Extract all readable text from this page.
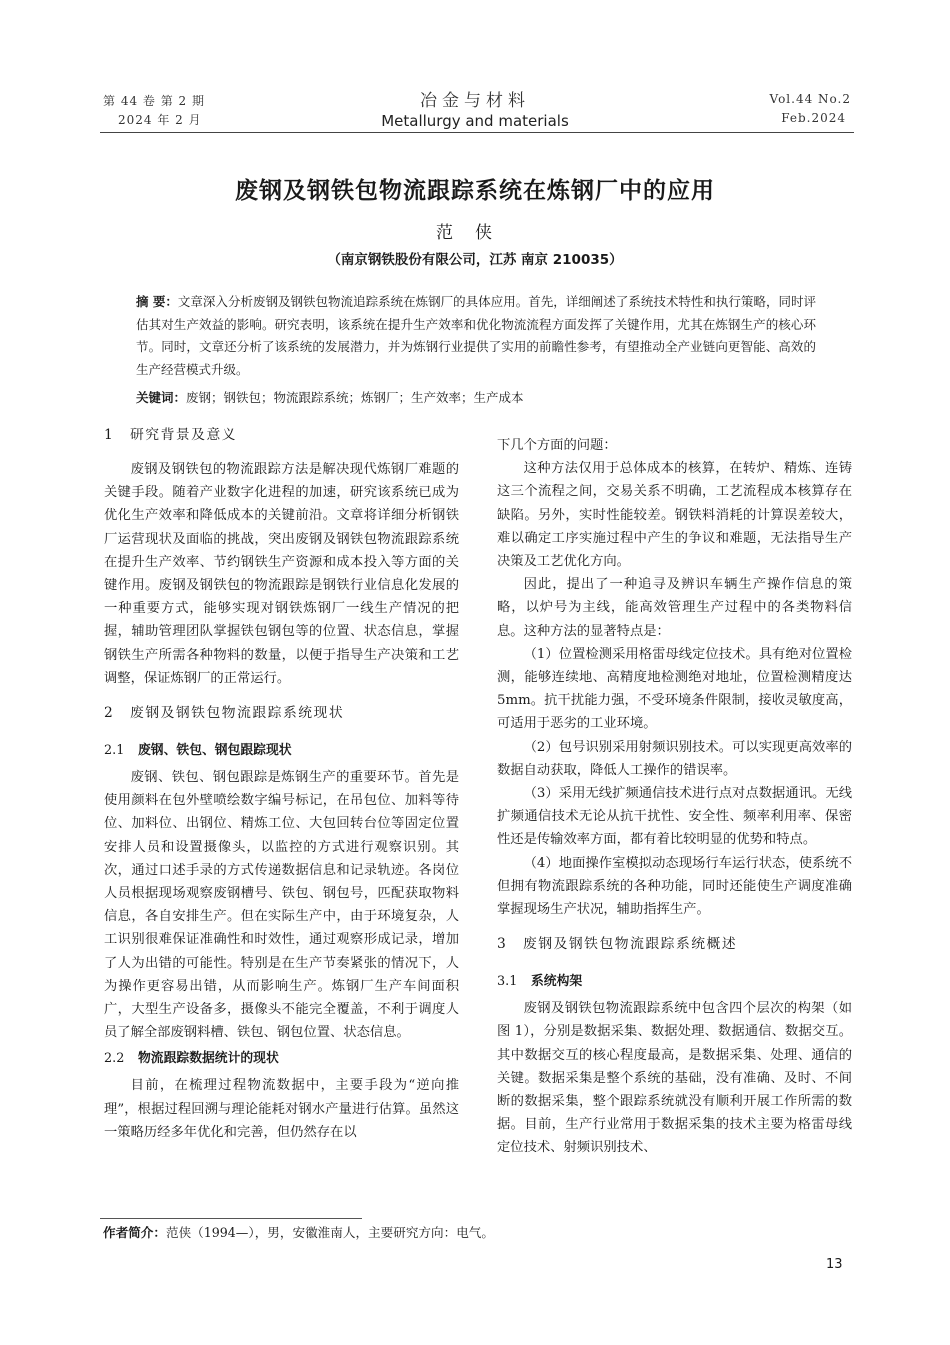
第 44 卷 第 2 期
2024 年 2 月
冶金与材料
Metallurgy and materials
Vol.44 No.2
Feb.2024
废钢及钢铁包物流跟踪系统在炼钢厂中的应用
范侠
（南京钢铁股份有限公司，江苏 南京 210035）
摘 要：文章深入分析废钢及钢铁包物流追踪系统在炼钢厂的具体应用。首先，详细阐述了系统技术特性和执行策略，同时评估其对生产效益的影响。研究表明，该系统在提升生产效率和优化物流流程方面发挥了关键作用，尤其在炼钢生产的核心环节。同时，文章还分析了该系统的发展潜力，并为炼钢行业提供了实用的前瞻性参考，有望推动全产业链向更智能、高效的生产经营模式升级。
关键词：废钢；钢铁包；物流跟踪系统；炼钢厂；生产效率；生产成本
1 研究背景及意义

废钢及钢铁包的物流跟踪方法是解决现代炼钢厂难题的关键手段。随着产业数字化进程的加速，研究该系统已成为优化生产效率和降低成本的关键前沿。文章将详细分析钢铁厂运营现状及面临的挑战，突出废钢及钢铁包物流跟踪系统在提升生产效率、节约钢铁生产资源和成本投入等方面的关键作用。废钢及钢铁包的物流跟踪是钢铁行业信息化发展的一种重要方式，能够实现对钢铁炼钢厂一线生产情况的把握，辅助管理团队掌握铁包钢包等的位置、状态信息，掌握钢铁生产所需各种物料的数量，以便于指导生产决策和工艺调整，保证炼钢厂的正常运行。

2 废钢及钢铁包物流跟踪系统现状
2.1 废钢、铁包、钢包跟踪现状

废钢、铁包、钢包跟踪是炼钢生产的重要环节。首先是使用颜料在包外壁喷绘数字编号标记，在吊包位、加料等待位、加料位、出钢位、精炼工位、大包回转台位等固定位置安排人员和设置摄像头，以监控的方式进行观察识别。其次，通过口述手录的方式传递数据信息和记录轨迹。各岗位人员根据现场观察废钢槽号、铁包、钢包号，匹配获取物料信息，各自安排生产。但在实际生产中，由于环境复杂，人工识别很难保证准确性和时效性，通过观察形成记录，增加了人为出错的可能性。特别是在生产节奏紧张的情况下，人为操作更容易出错，从而影响生产。炼钢厂生产车间面积广，大型生产设备多，摄像头不能完全覆盖，不利于调度人员了解全部废钢料槽、铁包、钢包位置、状态信息。

2.2 物流跟踪数据统计的现状

目前，在梳理过程物流数据中，主要手段为“逆向推理”，根据过程回溯与理论能耗对钢水产量进行估算。虽然这一策略历经多年优化和完善，但仍然存在以

下几个方面的问题：

这种方法仅用于总体成本的核算，在转炉、精炼、连铸这三个流程之间，交易关系不明确，工艺流程成本核算存在缺陷。另外，实时性能较差。钢铁料消耗的计算误差较大，难以确定工序实施过程中产生的争议和难题，无法指导生产决策及工艺优化方向。

因此，提出了一种追寻及辨识车辆生产操作信息的策略，以炉号为主线，能高效管理生产过程中的各类物料信息。这种方法的显著特点是：

（1）位置检测采用格雷母线定位技术。具有绝对位置检测，能够连续地、高精度地检测绝对地址，位置检测精度达 5mm。抗干扰能力强，不受环境条件限制，接收灵敏度高，可适用于恶劣的工业环境。

（2）包号识别采用射频识别技术。可以实现更高效率的数据自动获取，降低人工操作的错误率。

（3）采用无线扩频通信技术进行点对点数据通讯。无线扩频通信技术无论从抗干扰性、安全性、频率利用率、保密性还是传输效率方面，都有着比较明显的优势和特点。

（4）地面操作室模拟动态现场行车运行状态，使系统不但拥有物流跟踪系统的各种功能，同时还能使生产调度准确掌握现场生产状况，辅助指挥生产。

3 废钢及钢铁包物流跟踪系统概述
3.1 系统构架

废钢及钢铁包物流跟踪系统中包含四个层次的构架（如图 1），分别是数据采集、数据处理、数据通信、数据交互。其中数据交互的核心程度最高，是数据采集、处理、通信的关键。数据采集是整个系统的基础，没有准确、及时、不间断的数据采集，整个跟踪系统就没有顺利开展工作所需的数据。目前，生产行业常用于数据采集的技术主要为格雷母线定位技术、射频识别技术、

作者简介：范侠（1994—），男，安徽淮南人，主要研究方向：电气。
13
